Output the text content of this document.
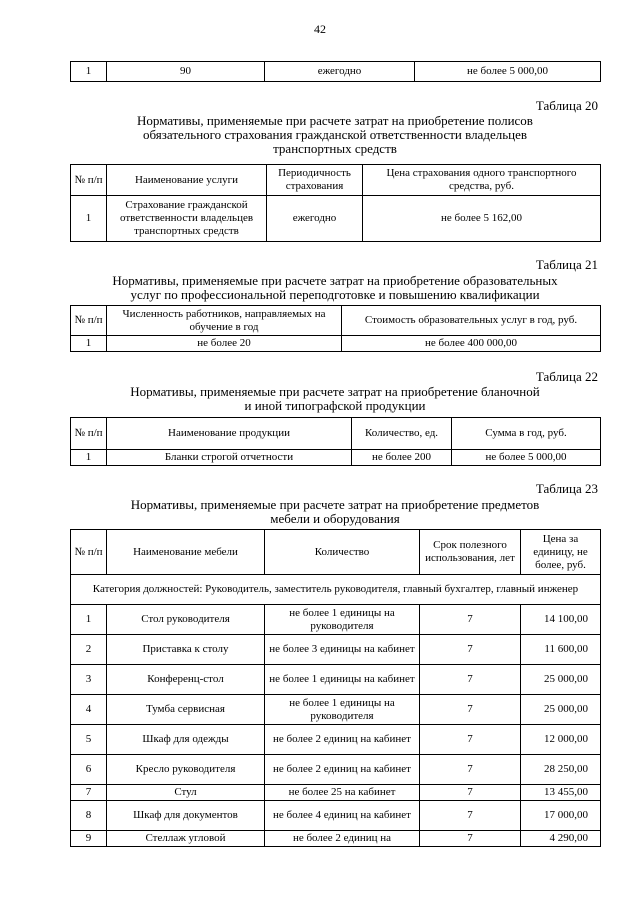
42
1	90	ежегодно	не более 5 000,00
Таблица 20
Нормативы, применяемые при расчете затрат на приобретение полисов
обязательного страхования гражданской ответственности владельцев
транспортных средств
№ п/п	Наименование услуги	Периодичность страхования	Цена страхования одного транспортного средства, руб.
1	Страхование гражданской ответственности владельцев транспортных средств	ежегодно	не более 5 162,00
Таблица 21
Нормативы, применяемые при расчете затрат на приобретение образовательных
услуг по профессиональной переподготовке и повышению квалификации
№ п/п	Численность работников, направляемых на обучение в год	Стоимость образовательных услуг в год, руб.
1	не более 20	не более 400 000,00
Таблица 22
Нормативы, применяемые при расчете затрат на приобретение бланочной
и иной типографской продукции
№ п/п	Наименование продукции	Количество, ед.	Сумма в год, руб.
1	Бланки строгой отчетности	не более 200	не более 5 000,00
Таблица 23
Нормативы, применяемые при расчете затрат на приобретение предметов
мебели и оборудования
№ п/п	Наименование мебели	Количество	Срок полезного использования, лет	Цена за единицу, не более, руб.
Категория должностей: Руководитель, заместитель руководителя, главный бухгалтер, главный инженер				
1	Стол руководителя	не более 1 единицы на руководителя	7	14 100,00
2	Приставка к столу	не более 3 единицы на кабинет	7	11 600,00
3	Конференц-стол	не более 1 единицы на кабинет	7	25 000,00
4	Тумба сервисная	не более 1 единицы на руководителя	7	25 000,00
5	Шкаф для одежды	не более 2 единиц на кабинет	7	12 000,00
6	Кресло руководителя	не более 2 единиц на кабинет	7	28 250,00
7	Стул	не более 25 на кабинет	7	13 455,00
8	Шкаф для документов	не более 4 единиц на кабинет	7	17 000,00
9	Стеллаж угловой	не более 2 единиц на	7	4 290,00
